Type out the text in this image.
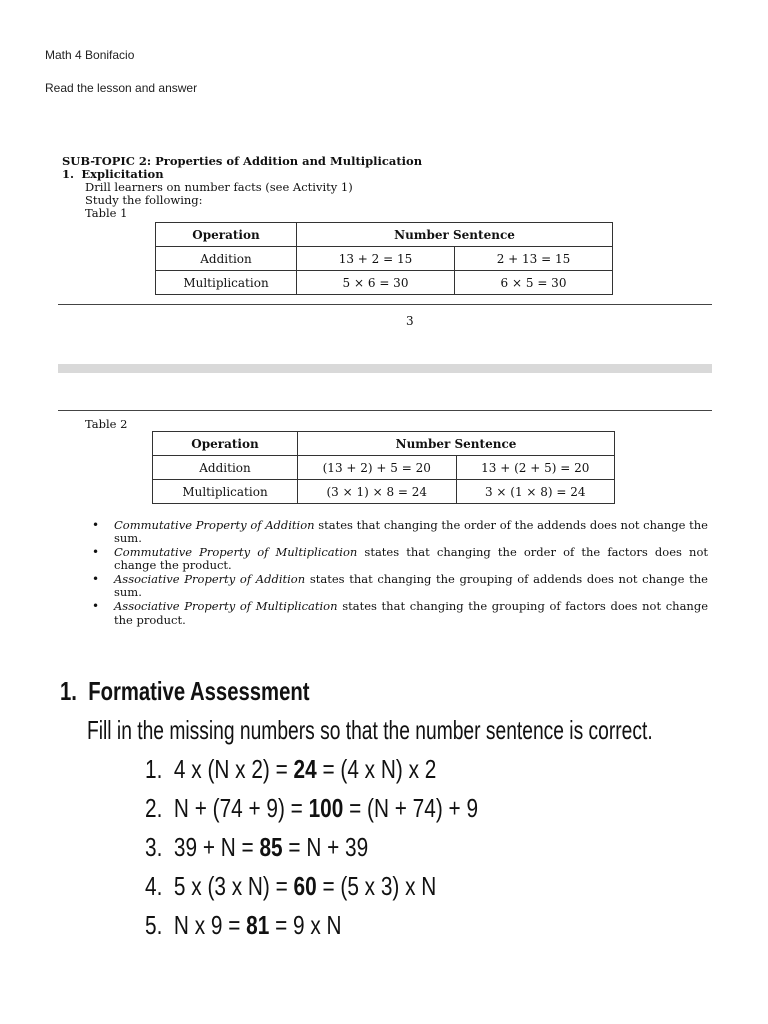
Math 4 Bonifacio
Read the lesson and answer
SUB-TOPIC 2: Properties of Addition and Multiplication
1. Explicitation
Drill learners on number facts (see Activity 1)
Study the following:
Table 1
Operation	Number Sentence	
Addition	13 + 2 = 15	2 + 13 = 15
Multiplication	5 × 6 = 30	6 × 5 = 30
3
Table 2
Operation	Number Sentence	
Addition	(13 + 2) + 5 = 20	13 + (2 + 5) = 20
Multiplication	(3 × 1) × 8 = 24	3 × (1 × 8) = 24
• Commutative Property of Addition states that changing the order of the addends does not change the sum.
• Commutative Property of Multiplication states that changing the order of the factors does not change the product.
• Associative Property of Addition states that changing the grouping of addends does not change the sum.
• Associative Property of Multiplication states that changing the grouping of factors does not change the product.
1. Formative Assessment
Fill in the missing numbers so that the number sentence is correct.
1. 4 x (N x 2) = 24 = (4 x N) x 2
2. N + (74 + 9) = 100 = (N + 74) + 9
3. 39 + N = 85 = N + 39
4. 5 x (3 x N) = 60 = (5 x 3) x N
5. N x 9 = 81 = 9 x N
